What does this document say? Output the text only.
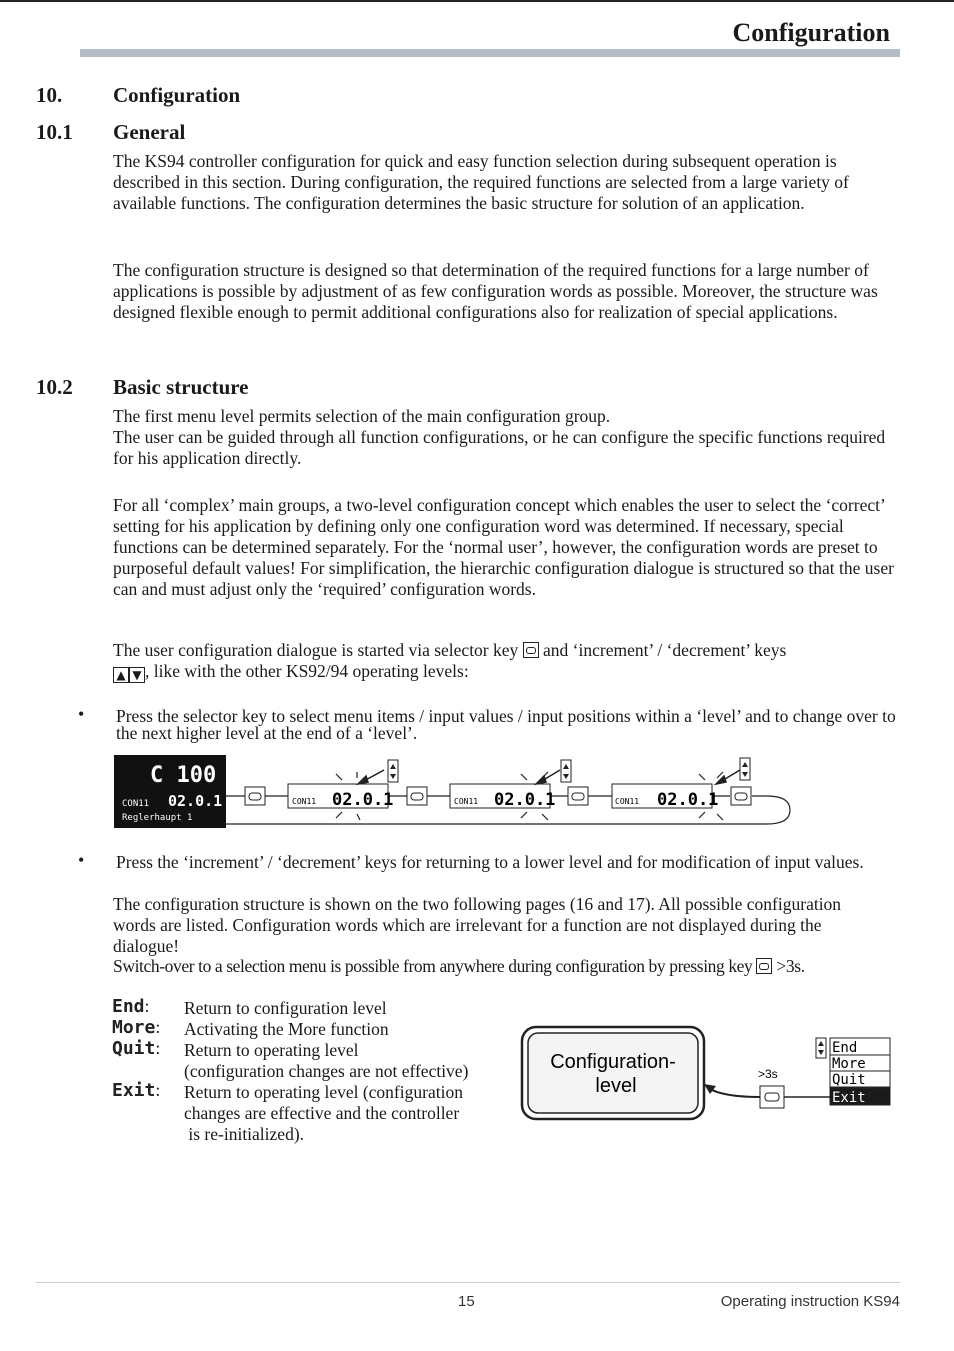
Configuration
10. Configuration
10.1 General
The KS94 controller configuration for quick and easy function selection during subsequent operation is described in this section. During configuration, the required functions are selected from a large variety of available functions. The configuration determines the basic structure for solution of an application.
The configuration structure is designed so that determination of the required functions for a large number of applications is possible by adjustment of as few configuration words as possible. Moreover, the structure was designed flexible enough to permit additional configurations also for realization of special applications.
10.2 Basic structure

The first menu level permits selection of the main configuration group.

The user can be guided through all function configurations, or he can configure the specific functions required for his application directly.

For all ‘complex’ main groups, a two-level configuration concept which enables the user to select the ‘correct’ setting for his application by defining only one configuration word was determined. If necessary, special functions can be determined separately. For the ‘normal user’, however, the configuration words are preset to purposeful default values! For simplification, the hierarchic configuration dialogue is structured so that the user can and must adjust only the ‘required’ configuration words.
The user configuration dialogue is started via selector key and ‘increment’ / ‘decrement’ keys

▲ ▼ , like with the other KS92/94 operating levels:
• Press the selector key to select menu items / input values / input positions within a ‘level’ and to change over to the next higher level at the end of a ‘level’.
C 100
CON11 02.0.1
Reglerhaupt 1
CON11 02.0.1	CON11 02.0.1	CON11 02.0.1
• Press the ‘increment’ / ‘decrement’ keys for returning to a lower level and for modification of input values.
The configuration structure is shown on the two following pages (16 and 17). All possible configuration words are listed. Configuration words which are irrelevant for a function are not displayed during the dialogue!
Switch-over to a selection menu is possible from anywhere during configuration by pressing key >3s.
End: Return to configuration level
More: Activating the More function
Quit: Return to operating level
(configuration changes are not effective)
Exit: Return to operating level (configuration
changes are effective and the controller
is re-initialized).
Configuration-
level
>3s
End
More
Quit
Exit
15	Operating instruction KS94
